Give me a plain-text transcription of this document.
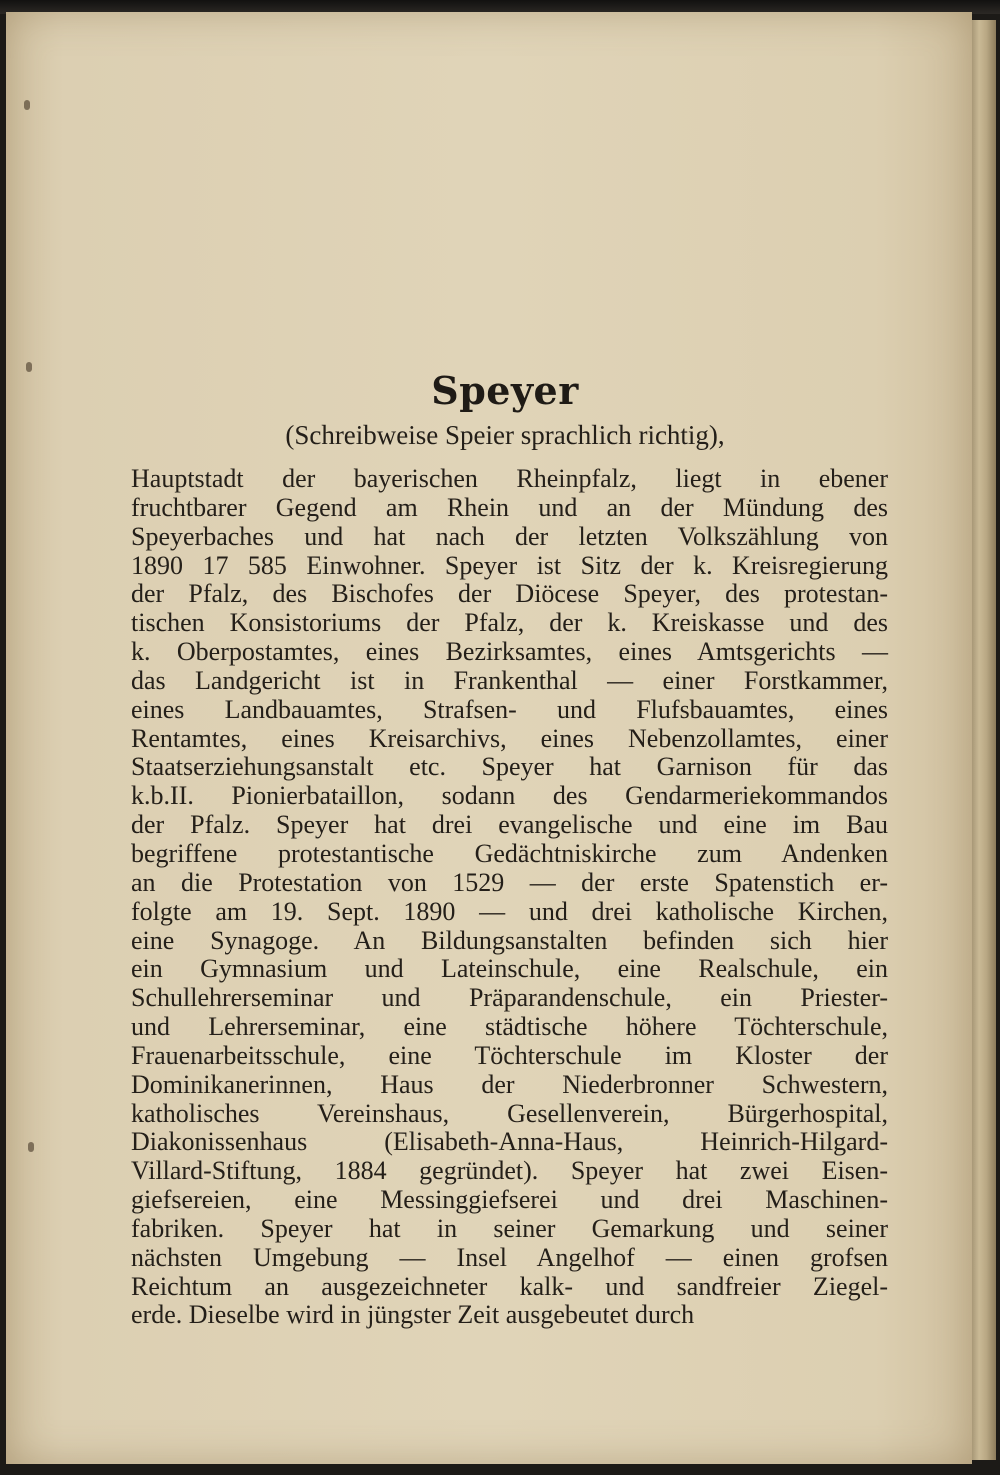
Speyer

(Schreibweise Speier sprachlich richtig),

Hauptstadt der bayerischen Rheinpfalz, liegt in ebener
fruchtbarer Gegend am Rhein und an der Mündung des
Speyerbaches und hat nach der letzten Volkszählung von
1890 17 585 Einwohner. Speyer ist Sitz der k. Kreisregierung
der Pfalz, des Bischofes der Diöcese Speyer, des protestan-
tischen Konsistoriums der Pfalz, der k. Kreiskasse und des
k. Oberpostamtes, eines Bezirksamtes, eines Amtsgerichts —
das Landgericht ist in Frankenthal — einer Forstkammer,
eines Landbauamtes, Strafsen- und Flufsbauamtes, eines
Rentamtes, eines Kreisarchivs, eines Nebenzollamtes, einer
Staatserziehungsanstalt etc. Speyer hat Garnison für das
k.b.II. Pionierbataillon, sodann des Gendarmeriekommandos
der Pfalz. Speyer hat drei evangelische und eine im Bau
begriffene protestantische Gedächtniskirche zum Andenken
an die Protestation von 1529 — der erste Spatenstich er-
folgte am 19. Sept. 1890 — und drei katholische Kirchen,
eine Synagoge. An Bildungsanstalten befinden sich hier
ein Gymnasium und Lateinschule, eine Realschule, ein
Schullehrerseminar und Präparandenschule, ein Priester-
und Lehrerseminar, eine städtische höhere Töchterschule,
Frauenarbeitsschule, eine Töchterschule im Kloster der
Dominikanerinnen, Haus der Niederbronner Schwestern,
katholisches Vereinshaus, Gesellenverein, Bürgerhospital,
Diakonissenhaus (Elisabeth-Anna-Haus, Heinrich-Hilgard-
Villard-Stiftung, 1884 gegründet). Speyer hat zwei Eisen-
giefsereien, eine Messinggiefserei und drei Maschinen-
fabriken. Speyer hat in seiner Gemarkung und seiner
nächsten Umgebung — Insel Angelhof — einen grofsen
Reichtum an ausgezeichneter kalk- und sandfreier Ziegel-
erde. Dieselbe wird in jüngster Zeit ausgebeutet durch
